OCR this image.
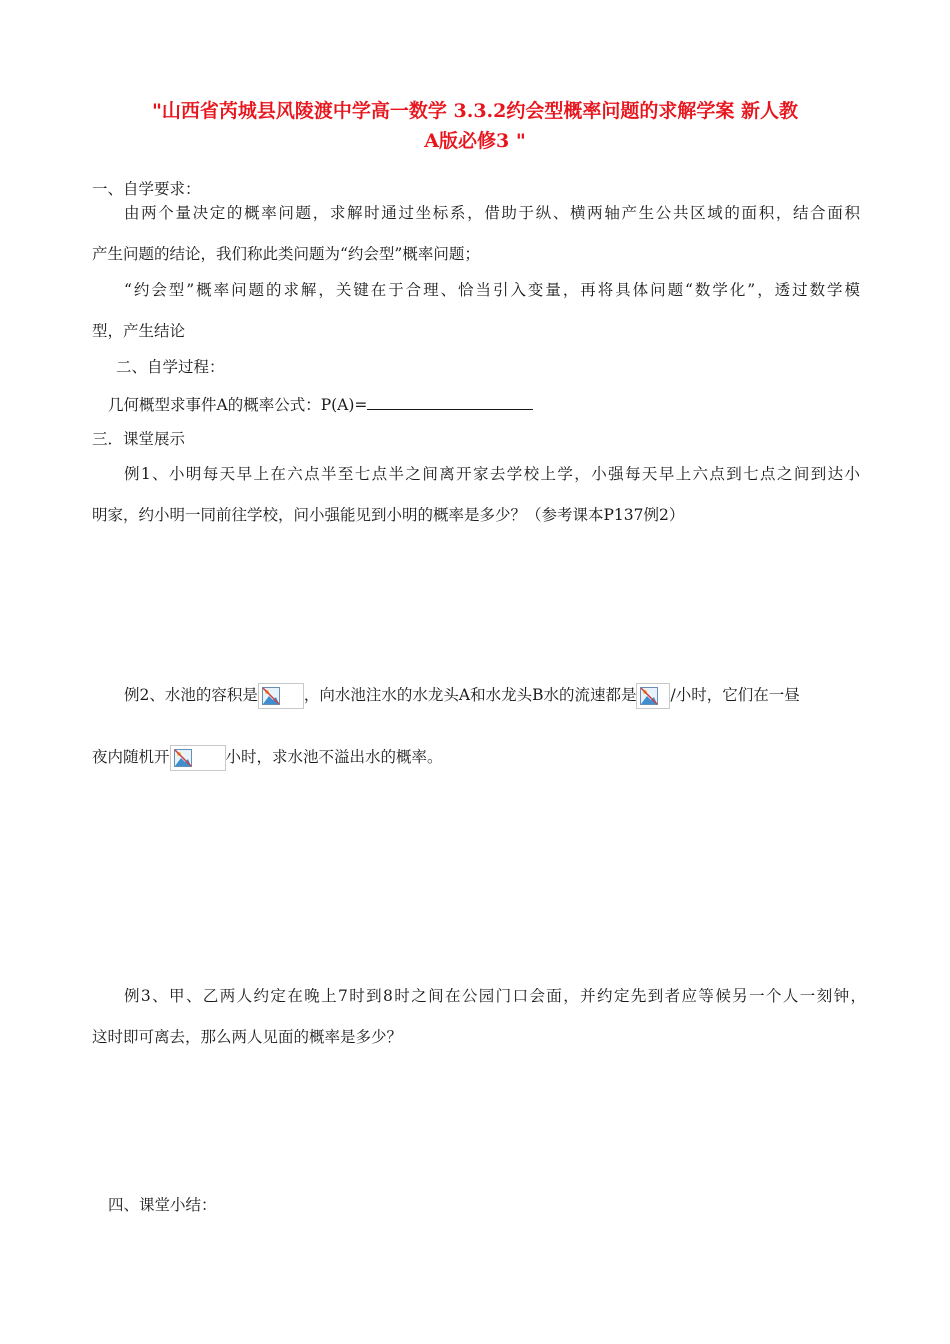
"山西省芮城县风陵渡中学高一数学 3.3.2约会型概率问题的求解学案 新人教
A版必修3 "
一、自学要求：
由两个量决定的概率问题，求解时通过坐标系，借助于纵、横两轴产生公共区域的面积，结合面积
产生问题的结论，我们称此类问题为“约会型”概率问题；
“约会型”概率问题的求解，关键在于合理、恰当引入变量，再将具体问题“数学化”，透过数学模
型，产生结论
二、自学过程：
几何概型求事件A的概率公式：P(A)=
三．课堂展示
例1、小明每天早上在六点半至七点半之间离开家去学校上学，小强每天早上六点到七点之间到达小
明家，约小明一同前往学校，问小强能见到小明的概率是多少？（参考课本P137例2）
例2、水池的容积是	，向水池注水的水龙头A和水龙头B水的流速都是 /小时，它们在一昼
夜内随机开	小时，求水池不溢出水的概率。
例3、甲、乙两人约定在晚上7时到8时之间在公园门口会面，并约定先到者应等候另一个人一刻钟，
这时即可离去，那么两人见面的概率是多少？
四、课堂小结：
